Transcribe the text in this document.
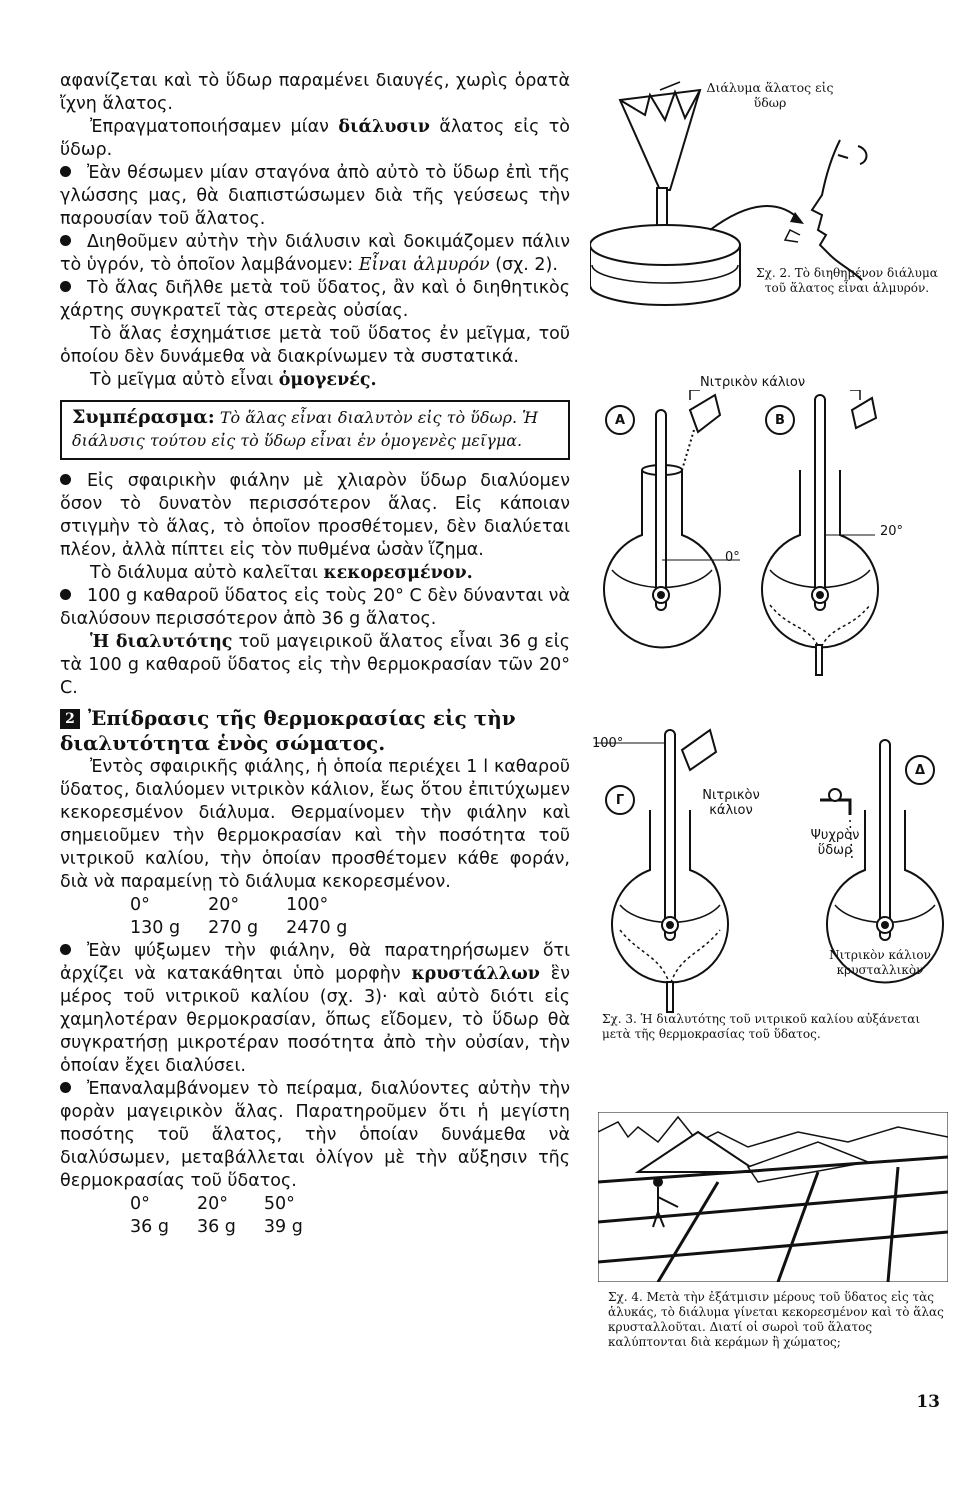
αφανίζεται καὶ τὸ ὕδωρ παραμένει διαυγές, χωρὶς ὁρατὰ ἴχνη ἅλατος.

Ἐπραγματοποιήσαμεν μίαν διάλυσιν ἅλατος εἰς τὸ ὕδωρ.

Ἐὰν θέσωμεν μίαν σταγόνα ἀπὸ αὐτὸ τὸ ὕδωρ ἐπὶ τῆς γλώσσης μας, θὰ διαπιστώσωμεν διὰ τῆς γεύσεως τὴν παρουσίαν τοῦ ἅλατος.

Διηθοῦμεν αὐτὴν τὴν διάλυσιν καὶ δοκιμάζομεν πάλιν τὸ ὑγρόν, τὸ ὁποῖον λαμβάνομεν: Εἶναι ἁλμυρόν (σχ. 2).

Τὸ ἅλας διῆλθε μετὰ τοῦ ὕδατος, ἂν καὶ ὁ διηθητικὸς χάρτης συγκρατεῖ τὰς στερεὰς οὐσίας.

Τὸ ἅλας ἐσχημάτισε μετὰ τοῦ ὕδατος ἐν μεῖγμα, τοῦ ὁποίου δὲν δυνάμεθα νὰ διακρίνωμεν τὰ συστατικά.

Τὸ μεῖγμα αὐτὸ εἶναι ὁμογενές.

Συμπέρασμα: Τὸ ἅλας εἶναι διαλυτὸν εἰς τὸ ὕδωρ. Ἡ διάλυσις τούτου εἰς τὸ ὕδωρ εἶναι ἐν ὁμογενὲς μεῖγμα.

Εἰς σφαιρικὴν φιάλην μὲ χλιαρὸν ὕδωρ διαλύομεν ὅσον τὸ δυνατὸν περισσότερον ἅλας. Εἰς κάποιαν στιγμὴν τὸ ἅλας, τὸ ὁποῖον προσθέτομεν, δὲν διαλύεται πλέον, ἀλλὰ πίπτει εἰς τὸν πυθμένα ὡσὰν ἵζημα.

Τὸ διάλυμα αὐτὸ καλεῖται κεκορεσμένον.

100 g καθαροῦ ὕδατος εἰς τοὺς 20° C δὲν δύνανται νὰ διαλύσουν περισσότερον ἀπὸ 36 g ἅλατος.

Ἡ διαλυτότης τοῦ μαγειρικοῦ ἅλατος εἶναι 36 g εἰς τὰ 100 g καθαροῦ ὕδατος εἰς τὴν θερμοκρασίαν τῶν 20° C.

2 Ἐπίδρασις τῆς θερμοκρασίας εἰς τὴν διαλυτότητα ἑνὸς σώματος.

Ἐντὸς σφαιρικῆς φιάλης, ἡ ὁποία περιέχει 1 l καθαροῦ ὕδατος, διαλύομεν νιτρικὸν κάλιον, ἕως ὅτου ἐπιτύχωμεν κεκορεσμένον διάλυμα. Θερμαίνομεν τὴν φιάλην καὶ σημειοῦμεν τὴν θερμοκρασίαν καὶ τὴν ποσότητα τοῦ νιτρικοῦ καλίου, τὴν ὁποίαν προσθέτομεν κάθε φοράν, διὰ νὰ παραμείνῃ τὸ διάλυμα κεκορεσμένον.

0°	20°	100°
130 g	270 g	2470 g

Ἐὰν ψύξωμεν τὴν φιάλην, θὰ παρατηρήσωμεν ὅτι ἀρχίζει νὰ κατακάθηται ὑπὸ μορφὴν κρυστάλλων ἓν μέρος τοῦ νιτρικοῦ καλίου (σχ. 3)· καὶ αὐτὸ διότι εἰς χαμηλοτέραν θερμοκρασίαν, ὅπως εἴδομεν, τὸ ὕδωρ θὰ συγκρατήσῃ μικροτέραν ποσότητα ἀπὸ τὴν οὐσίαν, τὴν ὁποίαν ἔχει διαλύσει.

Ἐπαναλαμβάνομεν τὸ πείραμα, διαλύοντες αὐτὴν τὴν φορὰν μαγειρικὸν ἅλας. Παρατηροῦμεν ὅτι ἡ μεγίστη ποσότης τοῦ ἅλατος, τὴν ὁποίαν δυνάμεθα νὰ διαλύσωμεν, μεταβάλλεται ὀλίγον μὲ τὴν αὔξησιν τῆς θερμοκρασίας τοῦ ὕδατος.

0°	20°	50°
36 g	36 g	39 g
Διάλυμα ἅλατος εἰς ὕδωρ
Σχ. 2. Τὸ διηθημένον διάλυμα τοῦ ἅλατος εἶναι ἁλμυρόν.
Νιτρικὸν κάλιον
A	B
0°
20°
100°
Γ
Δ
Νιτρικὸν κάλιον
Ψυχρὸν ὕδωρ
Νιτρικὸν κάλιον κρυσταλλικὸν
Σχ. 3. Ἡ διαλυτότης τοῦ νιτρικοῦ καλίου αὐξάνεται μετὰ τῆς θερμοκρασίας τοῦ ὕδατος.
Σχ. 4. Μετὰ τὴν ἐξάτμισιν μέρους τοῦ ὕδατος εἰς τὰς ἁλυκάς, τὸ διάλυμα γίνεται κεκορεσμένον καὶ τὸ ἅλας κρυσταλλοῦται. Διατί οἱ σωροὶ τοῦ ἅλατος καλύπτονται διὰ κεράμων ἢ χώματος;
13
